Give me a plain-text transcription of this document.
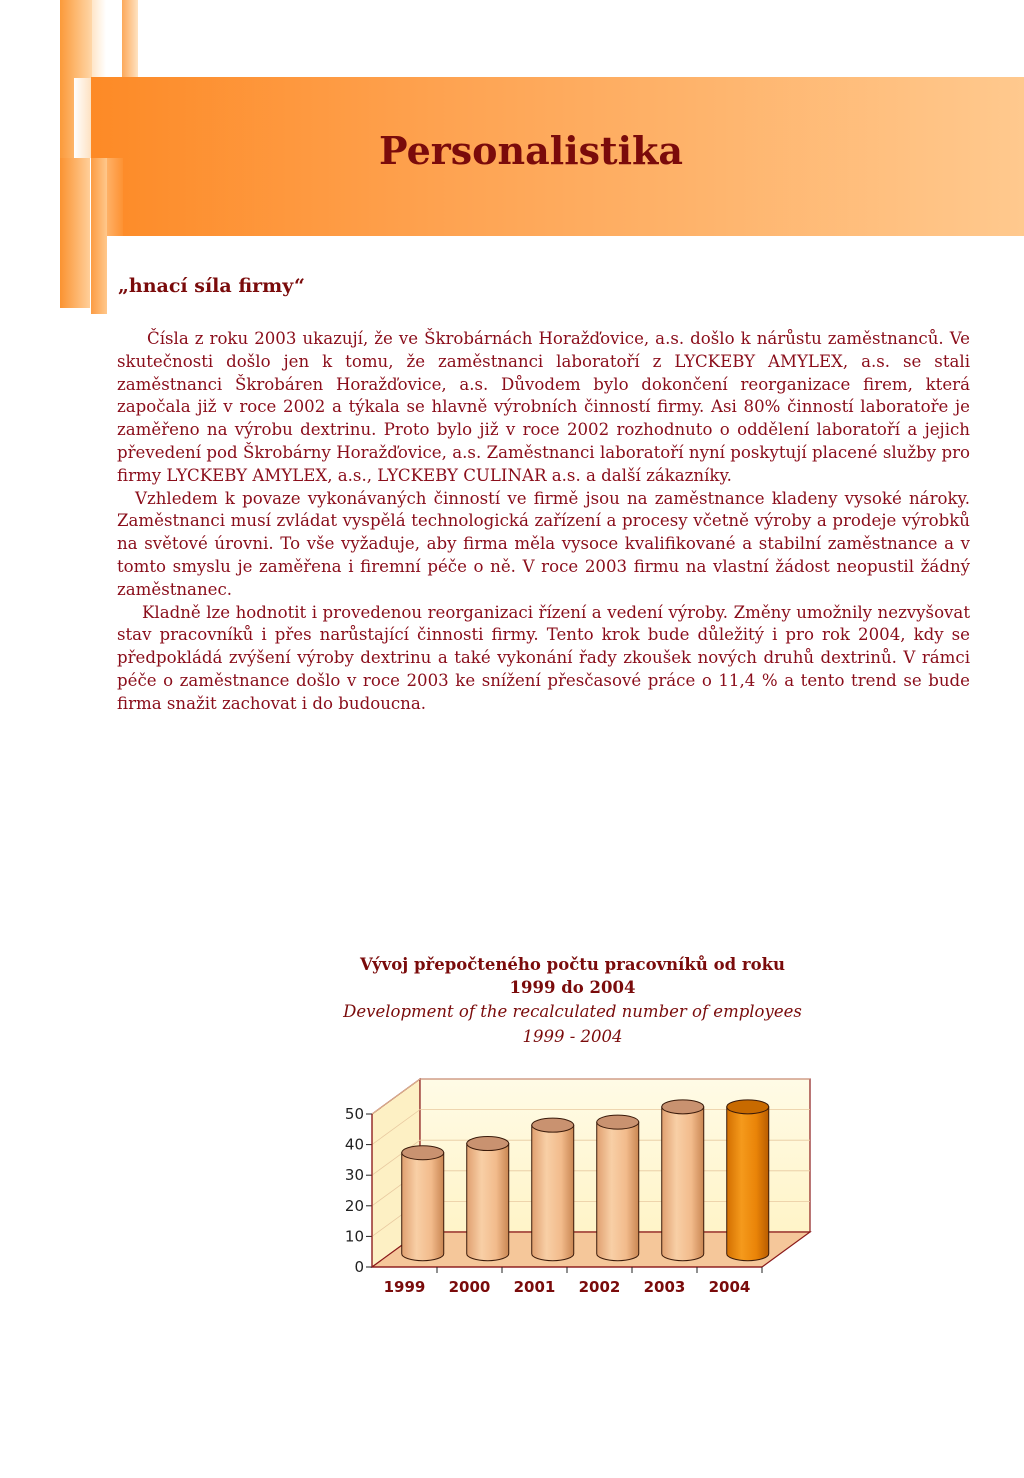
Personalistika
„hnací síla firmy“

Čísla z roku 2003 ukazují, že ve Škrobárnách Horažďovice, a.s. došlo k nárůstu zaměstnanců. Ve skutečnosti došlo jen k tomu, že zaměstnanci laboratoří z LYCKEBY AMYLEX, a.s. se stali zaměstnanci Škrobáren Horažďovice, a.s. Důvodem bylo dokončení reorganizace firem, která započala již v roce 2002 a týkala se hlavně výrobních činností firmy. Asi 80% činností laboratoře je zaměřeno na výrobu dextrinu. Proto bylo již v roce 2002 rozhodnuto o oddělení laboratoří a jejich převedení pod Škrobárny Horažďovice, a.s. Zaměstnanci laboratoří nyní poskytují placené služby pro firmy LYCKEBY AMYLEX, a.s., LYCKEBY CULINAR a.s. a další zákazníky.

Vzhledem k povaze vykonávaných činností ve firmě jsou na zaměstnance kladeny vysoké nároky. Zaměstnanci musí zvládat vyspělá technologická zařízení a procesy včetně výroby a prodeje výrobků na světové úrovni. To vše vyžaduje, aby firma měla vysoce kvalifikované a stabilní zaměstnance a v tomto smyslu je zaměřena i firemní péče o ně. V roce 2003 firmu na vlastní žádost neopustil žádný zaměstnanec.

Kladně lze hodnotit i provedenou reorganizaci řízení a vedení výroby. Změny umožnily nezvyšovat stav pracovníků i přes narůstající činnosti firmy. Tento krok bude důležitý i pro rok 2004, kdy se předpokládá zvýšení výroby dextrinu a také vykonání řady zkoušek nových druhů dextrinů. V rámci péče o zaměstnance došlo v roce 2003 ke snížení přesčasové práce o 11,4 % a tento trend se bude firma snažit zachovat i do budoucna.

Vývoj přepočteného počtu pracovníků od roku
1999 do 2004
Development of the recalculated number of employees
1999 - 2004
0
10
20
30
40
50
1999 2000 2001 2002 2003 2004
